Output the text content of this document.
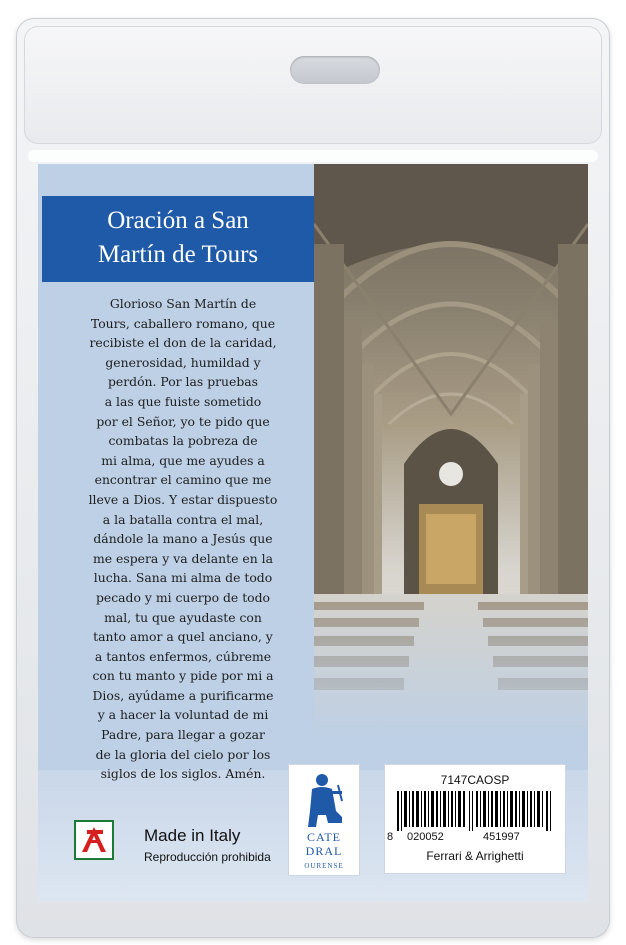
Oración a San
Martín de Tours
Glorioso San Martín de
Tours, caballero romano, que
recibiste el don de la caridad,
generosidad, humildad y
perdón. Por las pruebas
a las que fuiste sometido
por el Señor, yo te pido que
combatas la pobreza de
mi alma, que me ayudes a
encontrar el camino que me
lleve a Dios. Y estar dispuesto
a la batalla contra el mal,
dándole la mano a Jesús que
me espera y va delante en la
lucha. Sana mi alma de todo
pecado y mi cuerpo de todo
mal, tu que ayudaste con
tanto amor a quel anciano, y
a tantos enfermos, cúbreme
con tu manto y pide por mi a
Dios, ayúdame a purificarme
y a hacer la voluntad de mi
Padre, para llegar a gozar
de la gloria del cielo por los
siglos de los siglos. Amén.
CATE
DRAL
OURENSE
7147CAOSP
8 020052	451997
Ferrari & Arrighetti
Made in Italy
Reproducción prohibida
